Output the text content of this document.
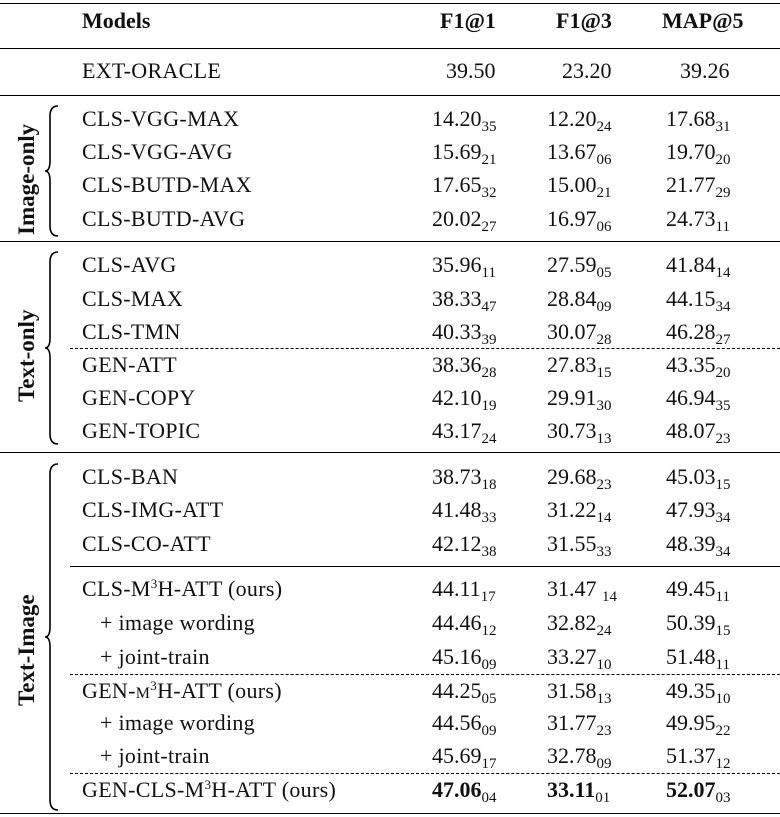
Models	F1@1	F1@3 MAP@5
EXT-ORACLE	39.50	23.20	39.26
CLS-VGG-MAX	$14.20_{35}$ $12.20_{24}$ $17.68_{31}$
CLS-VGG-AVG	$15.69_{21}$ $13.67_{06}$ $19.70_{20}$
CLS-BUTD-MAX	$17.65_{32}$ $15.00_{21}$ $21.77_{29}$
CLS-BUTD-AVG	$20.02_{27}$ $16.97_{06}$ $24.73_{11}$
CLS-AVG	$35.96_{11}$ $27.59_{05}$ $41.84_{14}$
CLS-MAX	$38.33_{47}$ $28.84_{09}$ $44.15_{34}$
CLS-TMN	$40.33_{39}$ $30.07_{28}$ $46.28_{27}$
GEN-ATT	$38.36_{28}$ $27.83_{15}$ $43.35_{20}$
GEN-COPY	$42.10_{19}$ $29.91_{30}$ $46.94_{35}$
GEN-TOPIC	$43.17_{24}$ $30.73_{13}$ $48.07_{23}$
CLS-BAN	$38.73_{18}$ $29.68_{23}$ $45.03_{15}$
CLS-IMG-ATT	$41.48_{33}$ $31.22_{14}$ $47.93_{34}$
CLS-CO-ATT	$42.12_{38}$ $31.55_{33}$ $48.39_{34}$
CLS-$M^3H$-ATT (ours)	$44.11_{17}$ 31.47 $_{14}$ $49.45_{11}$
+ image wording	$44.46_{12}$ $32.82_{24}$ $50.39_{15}$
+ joint-train	$45.16_{09}$ $33.27_{10}$ $51.48_{11}$
GEN-$M^3H$-ATT (ours)	$44.25_{05}$ $31.58_{13}$ $49.35_{10}$
+ image wording	$44.56_{09}$ $31.77_{23}$ $49.95_{22}$
+ joint-train	$45.69_{17}$ $32.78_{09}$ $51.37_{12}$
GEN-$CLS-M^3H$-ATT (ours)	$47.06_{04}$ $33.11_{01}$	$52.07_{03}$
Image-only
Text-only
Text-Image
